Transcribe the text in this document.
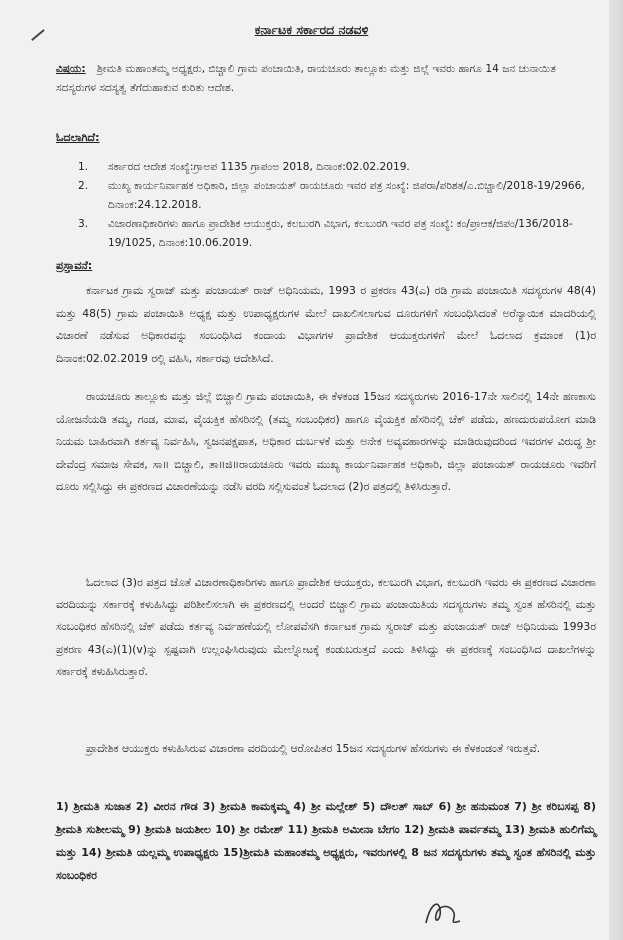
ಕರ್ನಾಟಕ ಸರ್ಕಾರದ ನಡವಳಿ
ವಿಷಯ: ಶ್ರೀಮತಿ ಮಹಾಂತಮ್ಮ ಅಧ್ಯಕ್ಷರು, ಬಿಚ್ಚಾಲಿ ಗ್ರಾಮ ಪಂಚಾಯಿತಿ, ರಾಯಚೂರು ತಾಲ್ಲೂಕು ಮತ್ತು ಜಿಲ್ಲೆ ಇವರು ಹಾಗೂ 14 ಜನ ಚುನಾಯಿತ ಸದಸ್ಯರುಗಳ ಸದಸ್ಯತ್ವ ತೆಗೆದುಹಾಕುವ ಕುರಿತು ಆದೇಶ.
ಓದಲಾಗಿದೆ:
1.	ಸರ್ಕಾರದ ಆದೇಶ ಸಂಖ್ಯೆ:ಗ್ರಾಅಪ 1135 ಗ್ರಾಪಂಅ 2018, ದಿನಾಂಕ:02.02.2019.
2.	ಮುಖ್ಯ ಕಾರ್ಯನಿರ್ವಾಹಕ ಅಧಿಕಾರಿ, ಜಿಲ್ಲಾ ಪಂಚಾಯತ್ ರಾಯಚೂರು ಇವರ ಪತ್ರ ಸಂಖ್ಯೆ: ಜಿಪರಾ/ಪರಿಶತ/ಎ.ಬಿಚ್ಚಾಲಿ/2018-19/2966, ದಿನಾಂಕ:24.12.2018.
3.	ವಿಚಾರಣಾಧಿಕಾರಿಗಳು ಹಾಗೂ ಪ್ರಾದೇಶಿಕ ಆಯುಕ್ತರು, ಕಲಬುರಗಿ ವಿಭಾಗ, ಕಲಬುರಗಿ ಇವರ ಪತ್ರ ಸಂಖ್ಯೆ: ಕಂ/ಪ್ರಾಆಕ/ಜಿಪಂ/136/2018-19/1025, ದಿನಾಂಕ:10.06.2019.
ಪ್ರಸ್ತಾವನೆ:
ಕರ್ನಾಟಕ ಗ್ರಾಮ ಸ್ವರಾಜ್ ಮತ್ತು ಪಂಚಾಯತ್ ರಾಜ್ ಅಧಿನಿಯಮ, 1993 ರ ಪ್ರಕರಣ 43(ಎ) ರಡಿ ಗ್ರಾಮ ಪಂಚಾಯಿತಿ ಸದಸ್ಯರುಗಳ 48(4) ಮತ್ತು 48(5) ಗ್ರಾಮ ಪಂಚಾಯಿತಿ ಅಧ್ಯಕ್ಷ ಮತ್ತು ಉಪಾಧ್ಯಕ್ಷರುಗಳ ಮೇಲೆ ದಾಖಲಿಸಲಾಗುವ ದೂರುಗಳಿಗೆ ಸಂಬಂಧಿಸಿದಂತೆ ಅರೆನ್ಯಾಯಿಕ ಮಾದರಿಯಲ್ಲಿ ವಿಚಾರಣೆ ನಡೆಸುವ ಅಧಿಕಾರವನ್ನು ಸಂಬಂಧಿಸಿದ ಕಂದಾಯ ವಿಭಾಗಗಳ ಪ್ರಾದೇಶಿಕ ಆಯುಕ್ತರುಗಳಿಗೆ ಮೇಲೆ ಓದಲಾದ ಕ್ರಮಾಂಕ (1)ರ ದಿನಾಂಕ:02.02.2019 ರಲ್ಲಿ ವಹಿಸಿ, ಸರ್ಕಾರವು ಆದೇಶಿಸಿದೆ.
ರಾಯಚೂರು ತಾಲ್ಲೂಕು ಮತ್ತು ಜಿಲ್ಲೆ ಬಿಚ್ಚಾಲಿ ಗ್ರಾಮ ಪಂಚಾಯಿತಿ, ಈ ಕೆಳಕಂಡ 15ಜನ ಸದಸ್ಯರುಗಳು 2016-17ನೇ ಸಾಲಿನಲ್ಲಿ 14ನೇ ಹಣಕಾಸು ಯೋಜನೆಯಡಿ ತಮ್ಮ, ಗಂಡ, ಮಾವ, ವೈಯಕ್ತಿಕ ಹೆಸರಿನಲ್ಲಿ (ತಮ್ಮ ಸಂಬಂಧಿಕರ) ಹಾಗೂ ವೈಯಕ್ತಿಕ ಹೆಸರಿನಲ್ಲಿ ಚೆಕ್ ಪಡೆದು, ಹಣದುರುಪಯೋಗ ಮಾಡಿ ನಿಯಮ ಬಾಹಿರವಾಗಿ ಕರ್ತವ್ಯ ನಿರ್ವಹಿಸಿ, ಸ್ವಜನಪಕ್ಷಪಾತ, ಅಧಿಕಾರ ದುರ್ಬಳಕೆ ಮತ್ತು ಅನೇಕ ಅವ್ಯವಹಾರಗಳನ್ನು ಮಾಡಿರುವುದರಿಂದ ಇವರಗಳ ವಿರುದ್ಧ ಶ್ರೀ ದೇವೆಂದ್ರ ಸಮಾಜ ಸೇವಕ, ಸಾ॥ ಬಿಚ್ಚಾಲಿ, ತಾ॥ಜಿ॥ರಾಯಚೂರು ಇವರು ಮುಖ್ಯ ಕಾರ್ಯನಿರ್ವಾಹಕ ಅಧಿಕಾರಿ, ಜಿಲ್ಲಾ ಪಂಚಾಯತ್ ರಾಯಚೂರು ಇವರಿಗೆ ದೂರು ಸಲ್ಲಿಸಿದ್ದು ಈ ಪ್ರಕರಣದ ವಿಚಾರಣೆಯನ್ನು ನಡೆಸಿ ವರದಿ ಸಲ್ಲಿಸುವಂತೆ ಓದಲಾದ (2)ರ ಪತ್ರದಲ್ಲಿ ತಿಳಿಸಿರುತ್ತಾರೆ.
ಓದಲಾದ (3)ರ ಪತ್ರದ ಜೊತೆ ವಿಚಾರಣಾಧಿಕಾರಿಗಳು ಹಾಗೂ ಪ್ರಾದೇಶಿಕ ಆಯುಕ್ತರು, ಕಲಬುರಗಿ ವಿಭಾಗ, ಕಲಬುರಗಿ ಇವರು ಈ ಪ್ರಕರಣದ ವಿಚಾರಣಾ ವರದಿಯನ್ನು ಸರ್ಕಾರಕ್ಕೆ ಕಳುಹಿಸಿದ್ದು ಪರಿಶೀಲಿಸಲಾಗಿ ಈ ಪ್ರಕರಣದಲ್ಲಿ ಅಂದರೆ ಬಿಚ್ಚಾಲಿ ಗ್ರಾಮ ಪಂಚಾಯಿತಿಯ ಸದಸ್ಯರುಗಳು ತಮ್ಮ ಸ್ವಂತ ಹೆಸರಿನಲ್ಲಿ ಮತ್ತು ಸಂಬಂಧಿಕರ ಹೆಸರಿನಲ್ಲಿ ಚೆಕ್ ಪಡೆದು ಕರ್ತವ್ಯ ನಿರ್ವಹಣೆಯಲ್ಲಿ ಲೋಪವೆಸಗಿ ಕರ್ನಾಟಕ ಗ್ರಾಮ ಸ್ವರಾಜ್ ಮತ್ತು ಪಂಚಾಯತ್ ರಾಜ್ ಅಧಿನಿಯಮ 1993ರ ಪ್ರಕರಣ 43(ಎ)(1)(v)ನ್ನು ಸ್ಪಷ್ಟವಾಗಿ ಉಲ್ಲಂಘಿಸಿರುವುದು ಮೇಲ್ನೋಟಕ್ಕೆ ಕಂಡುಬರುತ್ತದೆ ಎಂದು ತಿಳಿಸಿದ್ದು ಈ ಪ್ರಕರಣಕ್ಕೆ ಸಂಬಂಧಿಸಿದ ದಾಖಲೆಗಳನ್ನು ಸರ್ಕಾರಕ್ಕೆ ಕಳುಹಿಸಿರುತ್ತಾರೆ.
ಪ್ರಾದೇಶಿಕ ಆಯುಕ್ತರು ಕಳುಹಿಸಿರುವ ವಿಚಾರಣಾ ವರದಿಯಲ್ಲಿ ಆರೋಪಿತರ 15ಜನ ಸದಸ್ಯರುಗಳ ಹೆಸರುಗಳು ಈ ಕೆಳಕಂಡಂತೆ ಇರುತ್ತವೆ.
1) ಶ್ರೀಮತಿ ಸುಜಾತ 2) ವೀರನ ಗೌಡ 3) ಶ್ರೀಮತಿ ಕಾಮಕ್ಕಮ್ಮ 4) ಶ್ರೀ ಮಲ್ಲೇಶ್ 5) ದೌಲತ್ ಸಾಬ್ 6) ಶ್ರೀ ಹನುಮಂತ 7) ಶ್ರೀ ಕರಿಬಸಪ್ಪ 8) ಶ್ರೀಮತಿ ಸುಶೀಲಮ್ಮ 9) ಶ್ರೀಮತಿ ಜಯಶೀಲ 10) ಶ್ರೀ ರಮೇಶ್ 11) ಶ್ರೀಮತಿ ಅಮೀನಾ ಬೇಗಂ 12) ಶ್ರೀಮತಿ ಪಾರ್ವತಮ್ಮ 13) ಶ್ರೀಮತಿ ಹುಲಿಗೆಮ್ಮ ಮತ್ತು 14) ಶ್ರೀಮತಿ ಯಲ್ಲಮ್ಮ ಉಪಾಧ್ಯಕ್ಷರು 15)ಶ್ರೀಮತಿ ಮಹಾಂತಮ್ಮ ಅಧ್ಯಕ್ಷರು, ಇವರುಗಳಲ್ಲಿ 8 ಜನ ಸದಸ್ಯರುಗಳು ತಮ್ಮ ಸ್ವಂತ ಹೆಸರಿನಲ್ಲಿ ಮತ್ತು ಸಂಬಂಧಿಕರ
